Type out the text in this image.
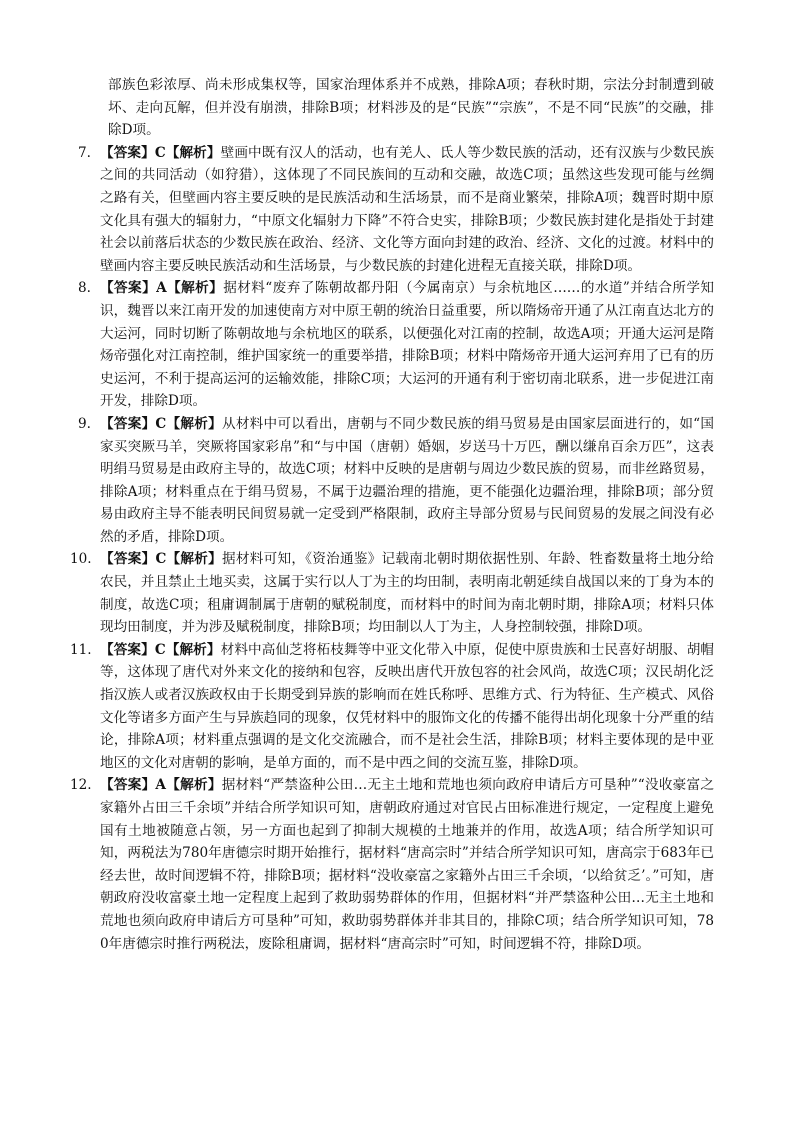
部族色彩浓厚、尚未形成集权等，国家治理体系并不成熟，排除A项；春秋时期，宗法分封制遭到破坏、走向瓦解，但并没有崩溃，排除B项；材料涉及的是“民族”“宗族”，不是不同“民族”的交融，排除D项。

7. 【答案】C【解析】壁画中既有汉人的活动，也有羌人、氐人等少数民族的活动，还有汉族与少数民族之间的共同活动（如狩猎），这体现了不同民族间的互动和交融，故选C项；虽然这些发现可能与丝绸之路有关，但壁画内容主要反映的是民族活动和生活场景，而不是商业繁荣，排除A项；魏晋时期中原文化具有强大的辐射力，“中原文化辐射力下降”不符合史实，排除B项；少数民族封建化是指处于封建社会以前落后状态的少数民族在政治、经济、文化等方面向封建的政治、经济、文化的过渡。材料中的壁画内容主要反映民族活动和生活场景，与少数民族的封建化进程无直接关联，排除D项。
8. 【答案】A【解析】据材料“废弃了陈朝故都丹阳（今属南京）与余杭地区……的水道”并结合所学知识，魏晋以来江南开发的加速使南方对中原王朝的统治日益重要，所以隋炀帝开通了从江南直达北方的大运河，同时切断了陈朝故地与余杭地区的联系，以便强化对江南的控制，故选A项；开通大运河是隋炀帝强化对江南控制，维护国家统一的重要举措，排除B项；材料中隋炀帝开通大运河弃用了已有的历史运河，不利于提高运河的运输效能，排除C项；大运河的开通有利于密切南北联系，进一步促进江南开发，排除D项。
9. 【答案】C【解析】从材料中可以看出，唐朝与不同少数民族的绢马贸易是由国家层面进行的，如“国家买突厥马羊，突厥将国家彩帛”和“与中国（唐朝）婚姻，岁送马十万匹，酬以缣帛百余万匹”，这表明绢马贸易是由政府主导的，故选C项；材料中反映的是唐朝与周边少数民族的贸易，而非丝路贸易，排除A项；材料重点在于绢马贸易，不属于边疆治理的措施，更不能强化边疆治理，排除B项；部分贸易由政府主导不能表明民间贸易就一定受到严格限制，政府主导部分贸易与民间贸易的发展之间没有必然的矛盾，排除D项。
10. 【答案】C【解析】据材料可知，《资治通鉴》记载南北朝时期依据性别、年龄、牲畜数量将土地分给农民，并且禁止土地买卖，这属于实行以人丁为主的均田制，表明南北朝延续自战国以来的丁身为本的制度，故选C项；租庸调制属于唐朝的赋税制度，而材料中的时间为南北朝时期，排除A项；材料只体现均田制度，并为涉及赋税制度，排除B项；均田制以人丁为主，人身控制较强，排除D项。
11. 【答案】C【解析】材料中高仙芝将柘枝舞等中亚文化带入中原，促使中原贵族和士民喜好胡服、胡帽等，这体现了唐代对外来文化的接纳和包容，反映出唐代开放包容的社会风尚，故选C项；汉民胡化泛指汉族人或者汉族政权由于长期受到异族的影响而在姓氏称呼、思维方式、行为特征、生产模式、风俗文化等诸多方面产生与异族趋同的现象，仅凭材料中的服饰文化的传播不能得出胡化现象十分严重的结论，排除A项；材料重点强调的是文化交流融合，而不是社会生活，排除B项；材料主要体现的是中亚地区的文化对唐朝的影响，是单方面的，而不是中西之间的交流互鉴，排除D项。
12. 【答案】A【解析】据材料“严禁盗种公田…无主土地和荒地也须向政府申请后方可垦种”“没收豪富之家籍外占田三千余顷”并结合所学知识可知，唐朝政府通过对官民占田标准进行规定，一定程度上避免国有土地被随意占领，另一方面也起到了抑制大规模的土地兼并的作用，故选A项；结合所学知识可知，两税法为780年唐德宗时期开始推行，据材料“唐高宗时”并结合所学知识可知，唐高宗于683年已经去世，故时间逻辑不符，排除B项；据材料“没收豪富之家籍外占田三千余顷，‘以给贫乏’。”可知，唐朝政府没收富豪土地一定程度上起到了救助弱势群体的作用，但据材料“并严禁盗种公田…无主土地和荒地也须向政府申请后方可垦种”可知，救助弱势群体并非其目的，排除C项；结合所学知识可知，780年唐德宗时推行两税法，废除租庸调，据材料“唐高宗时”可知，时间逻辑不符，排除D项。
